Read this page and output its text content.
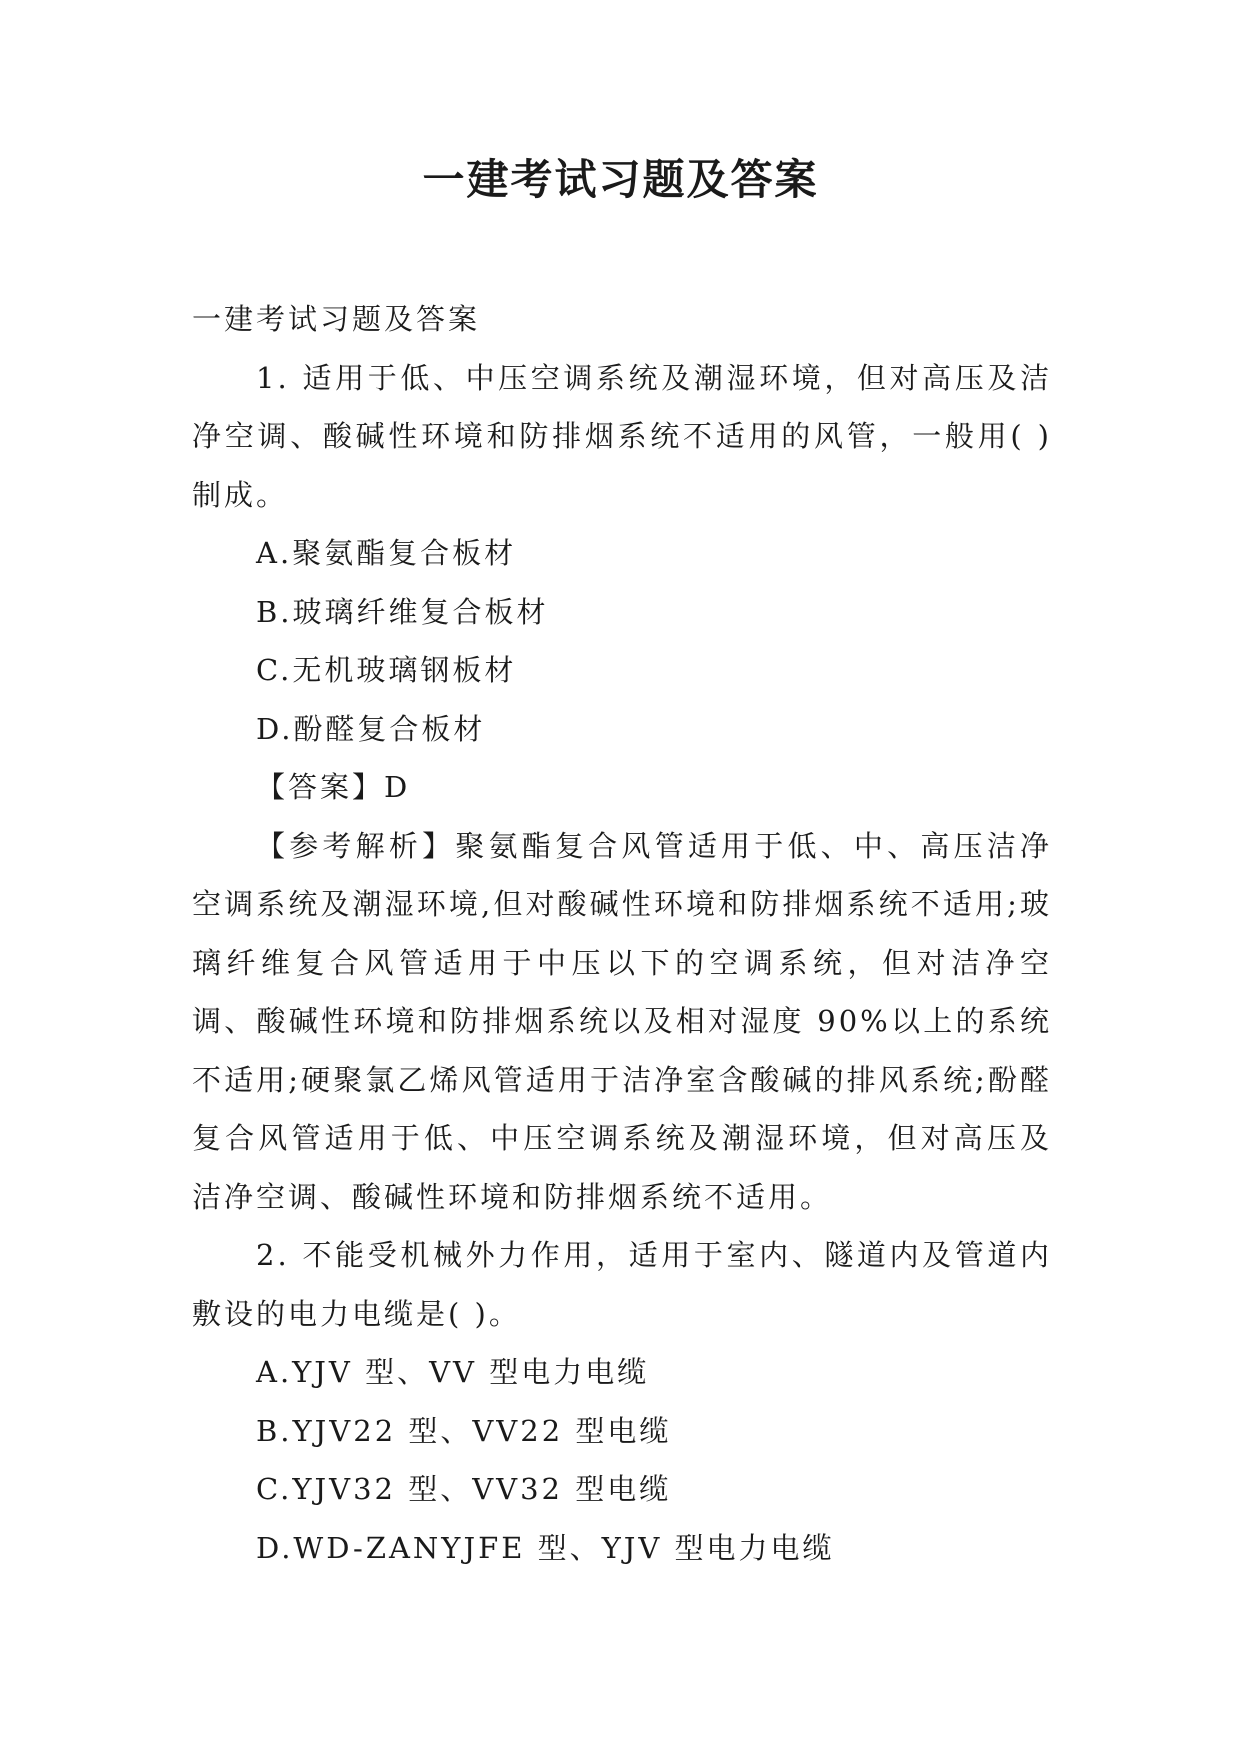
一建考试习题及答案

一建考试习题及答案

1. 适用于低、中压空调系统及潮湿环境，但对高压及洁净空调、酸碱性环境和防排烟系统不适用的风管，一般用( )制成。

A.聚氨酯复合板材

B.玻璃纤维复合板材

C.无机玻璃钢板材

D.酚醛复合板材

【答案】D

【参考解析】聚氨酯复合风管适用于低、中、高压洁净空调系统及潮湿环境,但对酸碱性环境和防排烟系统不适用;玻璃纤维复合风管适用于中压以下的空调系统，但对洁净空调、酸碱性环境和防排烟系统以及相对湿度 90%以上的系统不适用;硬聚氯乙烯风管适用于洁净室含酸碱的排风系统;酚醛复合风管适用于低、中压空调系统及潮湿环境，但对高压及洁净空调、酸碱性环境和防排烟系统不适用。

2. 不能受机械外力作用，适用于室内、隧道内及管道内敷设的电力电缆是( )。

A.YJV 型、VV 型电力电缆

B.YJV22 型、VV22 型电缆

C.YJV32 型、VV32 型电缆

D.WD-ZANYJFE 型、YJV 型电力电缆
